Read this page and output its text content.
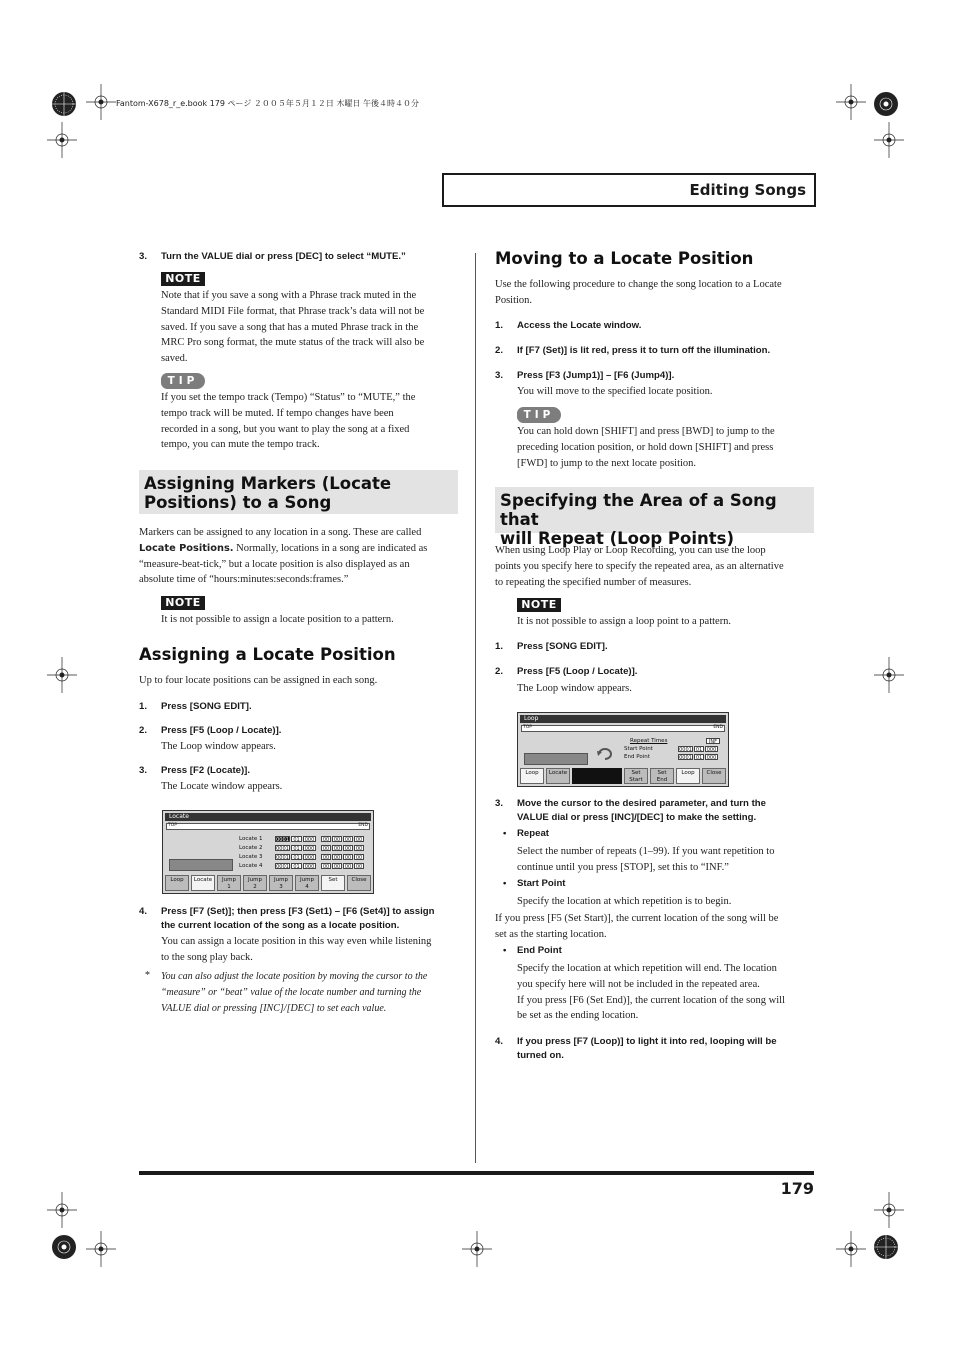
Fantom-X678_r_e.book 179 ページ ２００５年５月１２日 木曜日 午後４時４０分
Editing Songs
3. Turn the VALUE dial or press [DEC] to select “MUTE.”
NOTE
Note that if you save a song with a Phrase track muted in the
Standard MIDI File format, that Phrase track’s data will not be
saved. If you save a song that has a muted Phrase track in the
MRC Pro song format, the mute status of the track will also be
saved.
TIP
If you set the tempo track (Tempo) “Status” to “MUTE,” the
tempo track will be muted. If tempo changes have been
recorded in a song, but you want to play the song at a fixed
tempo, you can mute the tempo track.
Assigning Markers (Locate
Positions) to a Song
Markers can be assigned to any location in a song. These are called
Locate Positions. Normally, locations in a song are indicated as
“measure-beat-tick,” but a locate position is also displayed as an
absolute time of “hours:minutes:seconds:frames.”
NOTE
It is not possible to assign a locate position to a pattern.
Assigning a Locate Position
Up to four locate positions can be assigned in each song.
1. Press [SONG EDIT].
2. Press [F5 (Loop / Locate)].
The Loop window appears.
3. Press [F2 (Locate)].
The Locate window appears.
Locate
TOP	END
Locate 1	0001 01	000	00 00 00 00
Locate 2	0001 01	000	00 00 00 00
Locate 3	0001 01	000	00 00 00 00
Locate 4	0001 01	000	00 00 00 00
Loop	Locate	Jump
1
Jump
2
Jump
3
Jump
4
Set	Close
4. Press [F7 (Set)]; then press [F3 (Set1) – [F6 (Set4)] to assign
the current location of the song as a locate position.
You can assign a locate position in this way even while listening
to the song play back.
* You can also adjust the locate position by moving the cursor to the
“measure” or “beat” value of the locate number and turning the
VALUE dial or pressing [INC]/[DEC] to set each value.
Moving to a Locate Position
Use the following procedure to change the song location to a Locate
Position.
1. Access the Locate window.
2. If [F7 (Set)] is lit red, press it to turn off the illumination.
3. Press [F3 (Jump1)] – [F6 (Jump4)].
You will move to the specified locate position.
TIP
You can hold down [SHIFT] and press [BWD] to jump to the
preceding location position, or hold down [SHIFT] and press
[FWD] to jump to the next locate position.
Specifying the Area of a Song that
will Repeat (Loop Points)
When using Loop Play or Loop Recording, you can use the loop
points you specify here to specify the repeated area, as an alternative
to repeating the specified number of measures.
NOTE
It is not possible to assign a loop point to a pattern.
1. Press [SONG EDIT].
2. Press [F5 (Loop / Locate)].
The Loop window appears.
Loop
TOP	END
Repeat Times	INF
Start Point	0001 01 000
End Point	0001 01 000
Loop	Locate	Set
Start
Set
End
Loop	Close
3. Move the cursor to the desired parameter, and turn the
VALUE dial or press [INC]/[DEC] to make the setting.
• Repeat
Select the number of repeats (1–99). If you want repetition to
continue until you press [STOP], set this to “INF.”
• Start Point
Specify the location at which repetition is to begin.
If you press [F5 (Set Start)], the current location of the song will be
set as the starting location.
• End Point
Specify the location at which repetition will end. The location
you specify here will not be included in the repeated area.
If you press [F6 (Set End)], the current location of the song will
be set as the ending location.
4. If you press [F7 (Loop)] to light it into red, looping will be
turned on.
179
